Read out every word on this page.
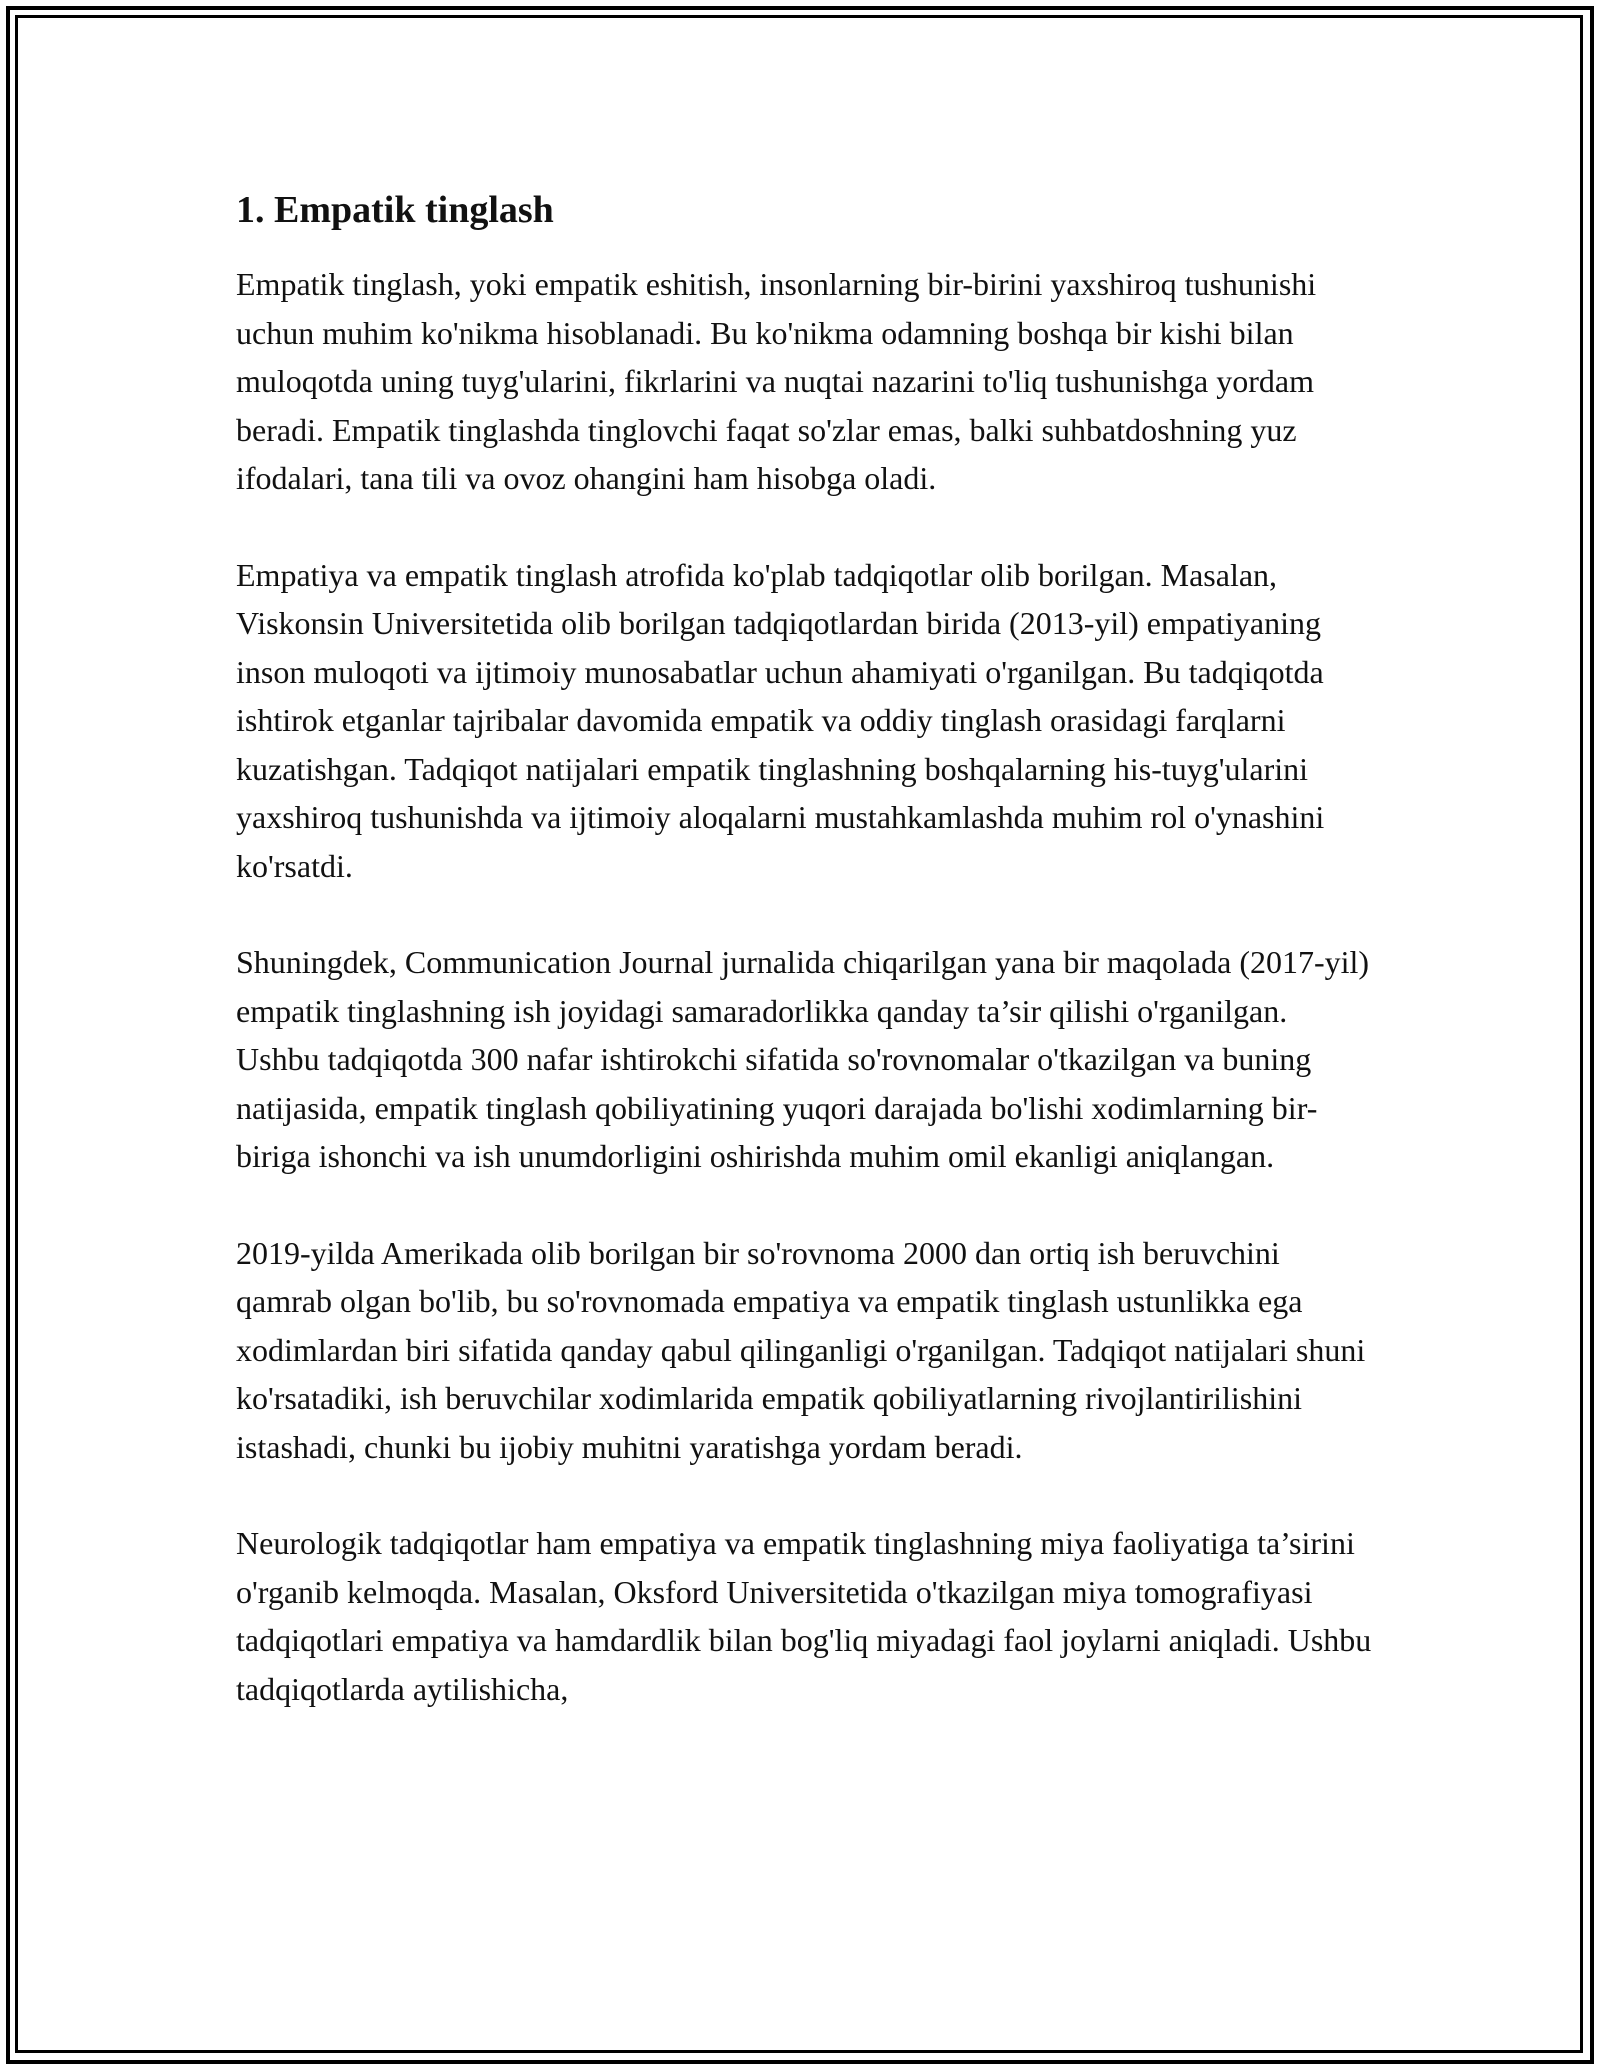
1. Empatik tinglash

Empatik tinglash, yoki empatik eshitish, insonlarning bir-birini yaxshiroq tushunishi uchun muhim ko'nikma hisoblanadi. Bu ko'nikma odamning boshqa bir kishi bilan muloqotda uning tuyg'ularini, fikrlarini va nuqtai nazarini to'liq tushunishga yordam beradi. Empatik tinglashda tinglovchi faqat so'zlar emas, balki suhbatdoshning yuz ifodalari, tana tili va ovoz ohangini ham hisobga oladi.

Empatiya va empatik tinglash atrofida ko'plab tadqiqotlar olib borilgan. Masalan, Viskonsin Universitetida olib borilgan tadqiqotlardan birida (2013-yil) empatiyaning inson muloqoti va ijtimoiy munosabatlar uchun ahamiyati o'rganilgan. Bu tadqiqotda ishtirok etganlar tajribalar davomida empatik va oddiy tinglash orasidagi farqlarni kuzatishgan. Tadqiqot natijalari empatik tinglashning boshqalarning his-tuyg'ularini yaxshiroq tushunishda va ijtimoiy aloqalarni mustahkamlashda muhim rol o'ynashini ko'rsatdi.

Shuningdek, Communication Journal jurnalida chiqarilgan yana bir maqolada (2017-yil) empatik tinglashning ish joyidagi samaradorlikka qanday ta’sir qilishi o'rganilgan. Ushbu tadqiqotda 300 nafar ishtirokchi sifatida so'rovnomalar o'tkazilgan va buning natijasida, empatik tinglash qobiliyatining yuqori darajada bo'lishi xodimlarning bir-biriga ishonchi va ish unumdorligini oshirishda muhim omil ekanligi aniqlangan.

2019-yilda Amerikada olib borilgan bir so'rovnoma 2000 dan ortiq ish beruvchini qamrab olgan bo'lib, bu so'rovnomada empatiya va empatik tinglash ustunlikka ega xodimlardan biri sifatida qanday qabul qilinganligi o'rganilgan. Tadqiqot natijalari shuni ko'rsatadiki, ish beruvchilar xodimlarida empatik qobiliyatlarning rivojlantirilishini istashadi, chunki bu ijobiy muhitni yaratishga yordam beradi.

Neurologik tadqiqotlar ham empatiya va empatik tinglashning miya faoliyatiga ta’sirini o'rganib kelmoqda. Masalan, Oksford Universitetida o'tkazilgan miya tomografiyasi tadqiqotlari empatiya va hamdardlik bilan bog'liq miyadagi faol joylarni aniqladi. Ushbu tadqiqotlarda aytilishicha,
